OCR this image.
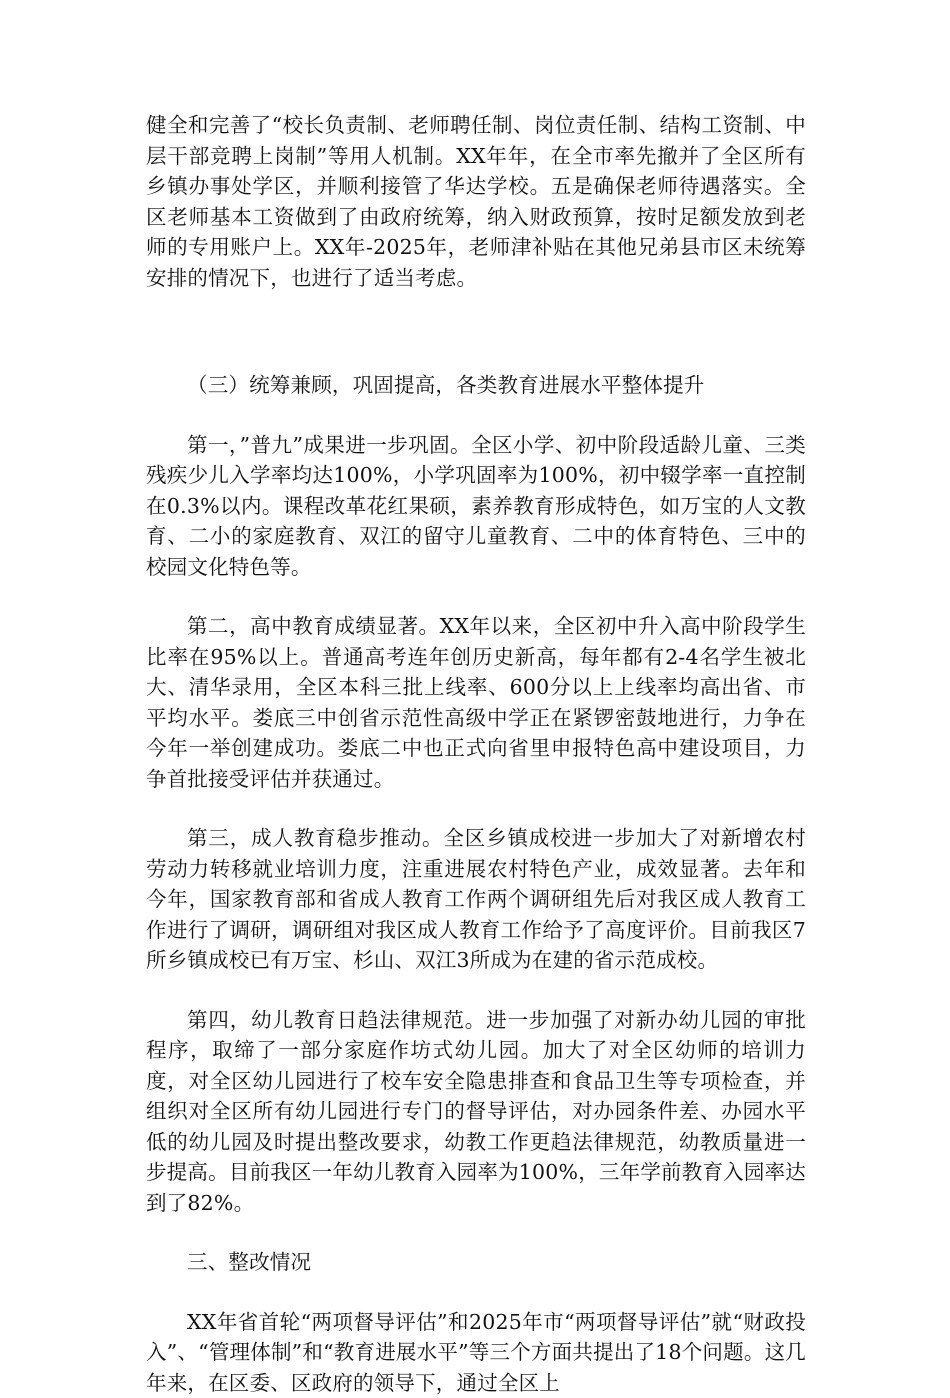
健全和完善了“校长负责制、老师聘任制、岗位责任制、结构工资制、中层干部竞聘上岗制”等用人机制。XX年年，在全市率先撤并了全区所有乡镇办事处学区，并顺利接管了华达学校。五是确保老师待遇落实。全区老师基本工资做到了由政府统筹，纳入财政预算，按时足额发放到老师的专用账户上。XX年-2025年，老师津补贴在其他兄弟县市区未统筹安排的情况下，也进行了适当考虑。

（三）统筹兼顾，巩固提高，各类教育进展水平整体提升

第一，”普九”成果进一步巩固。全区小学、初中阶段适龄儿童、三类残疾少儿入学率均达100%，小学巩固率为100%，初中辍学率一直控制在0.3%以内。课程改革花红果硕，素养教育形成特色，如万宝的人文教育、二小的家庭教育、双江的留守儿童教育、二中的体育特色、三中的校园文化特色等。

第二，高中教育成绩显著。XX年以来，全区初中升入高中阶段学生比率在95%以上。普通高考连年创历史新高，每年都有2-4名学生被北大、清华录用，全区本科三批上线率、600分以上上线率均高出省、市平均水平。娄底三中创省示范性高级中学正在紧锣密鼓地进行，力争在今年一举创建成功。娄底二中也正式向省里申报特色高中建设项目，力争首批接受评估并获通过。

第三，成人教育稳步推动。全区乡镇成校进一步加大了对新增农村劳动力转移就业培训力度，注重进展农村特色产业，成效显著。去年和今年，国家教育部和省成人教育工作两个调研组先后对我区成人教育工作进行了调研，调研组对我区成人教育工作给予了高度评价。目前我区7所乡镇成校已有万宝、杉山、双江3所成为在建的省示范成校。

第四，幼儿教育日趋法律规范。进一步加强了对新办幼儿园的审批程序，取缔了一部分家庭作坊式幼儿园。加大了对全区幼师的培训力度，对全区幼儿园进行了校车安全隐患排查和食品卫生等专项检查，并组织对全区所有幼儿园进行专门的督导评估，对办园条件差、办园水平低的幼儿园及时提出整改要求，幼教工作更趋法律规范，幼教质量进一步提高。目前我区一年幼儿教育入园率为100%，三年学前教育入园率达到了82%。

三、整改情况

XX年省首轮“两项督导评估”和2025年市“两项督导评估”就“财政投入”、“管理体制”和“教育进展水平”等三个方面共提出了18个问题。这几年来，在区委、区政府的领导下，通过全区上
